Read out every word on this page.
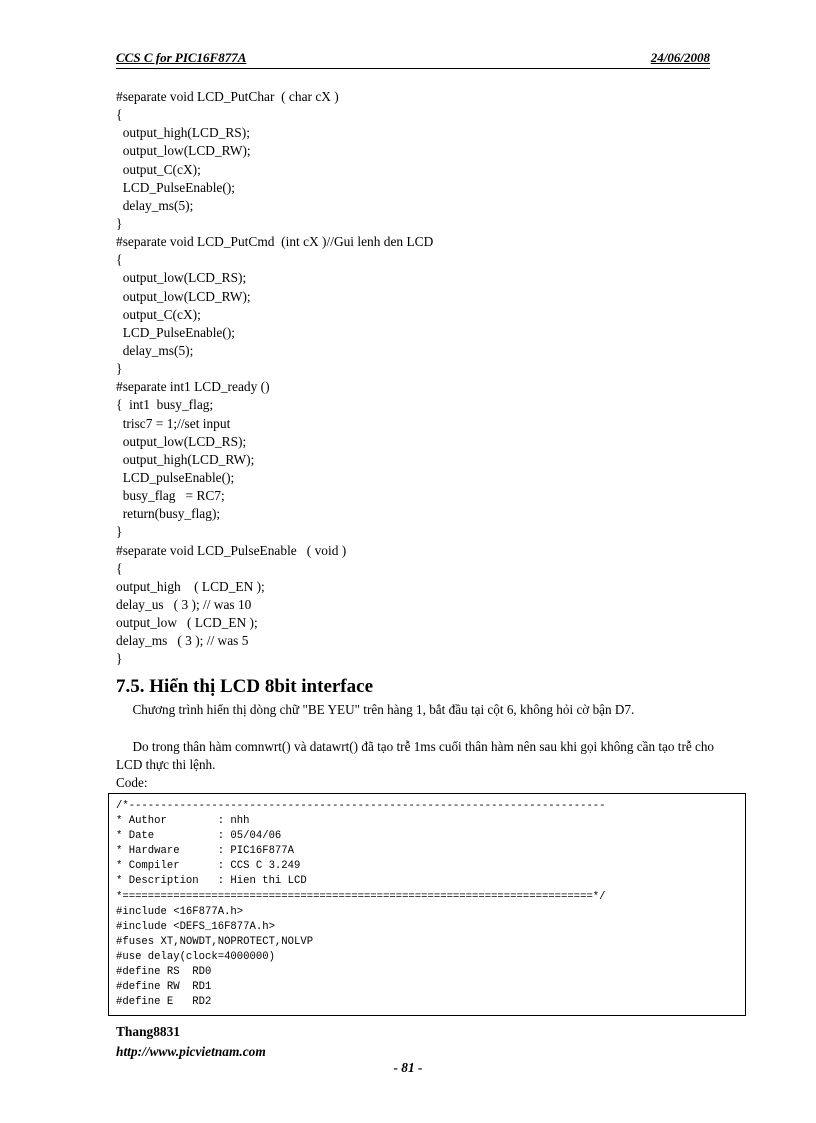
CCS C for PIC16F877A	24/06/2008
#separate void LCD_PutChar  ( char cX )
{
output_high(LCD_RS);
output_low(LCD_RW);
output_C(cX);
LCD_PulseEnable();
delay_ms(5);
}
#separate void LCD_PutCmd  (int cX )//Gui lenh den LCD
{
output_low(LCD_RS);
output_low(LCD_RW);
output_C(cX);
LCD_PulseEnable();
delay_ms(5);
}
#separate int1 LCD_ready ()
{  int1  busy_flag;
trisc7 = 1;//set input
output_low(LCD_RS);
output_high(LCD_RW);
LCD_pulseEnable();
busy_flag   = RC7;
return(busy_flag);
}
#separate void LCD_PulseEnable   ( void )
{
output_high    ( LCD_EN );
delay_us   ( 3 ); // was 10
output_low   ( LCD_EN );
delay_ms   ( 3 ); // was 5
}
7.5. Hiển thị LCD 8bit interface
  Chương trình hiển thị dòng chữ "BE YEU" trên hàng 1, bắt đầu tại cột 6, không hỏi cờ bận D7.
  Do trong thân hàm comnwrt() và datawrt() đã tạo trễ 1ms cuối thân hàm nên sau khi gọi không cần tạo trễ cho LCD thực thi lệnh.
Code:
/*---------------------------------------------------------------------------
* Author        : nhh
* Date          : 05/04/06
* Hardware      : PIC16F877A
* Compiler      : CCS C 3.249
* Description   : Hien thi LCD
*==========================================================================*/
#include <16F877A.h>
#include <DEFS_16F877A.h>
#fuses XT,NOWDT,NOPROTECT,NOLVP
#use delay(clock=4000000)
#define RS  RD0
#define RW  RD1
#define E   RD2
Thang8831
http://www.picvietnam.com
- 81 -
